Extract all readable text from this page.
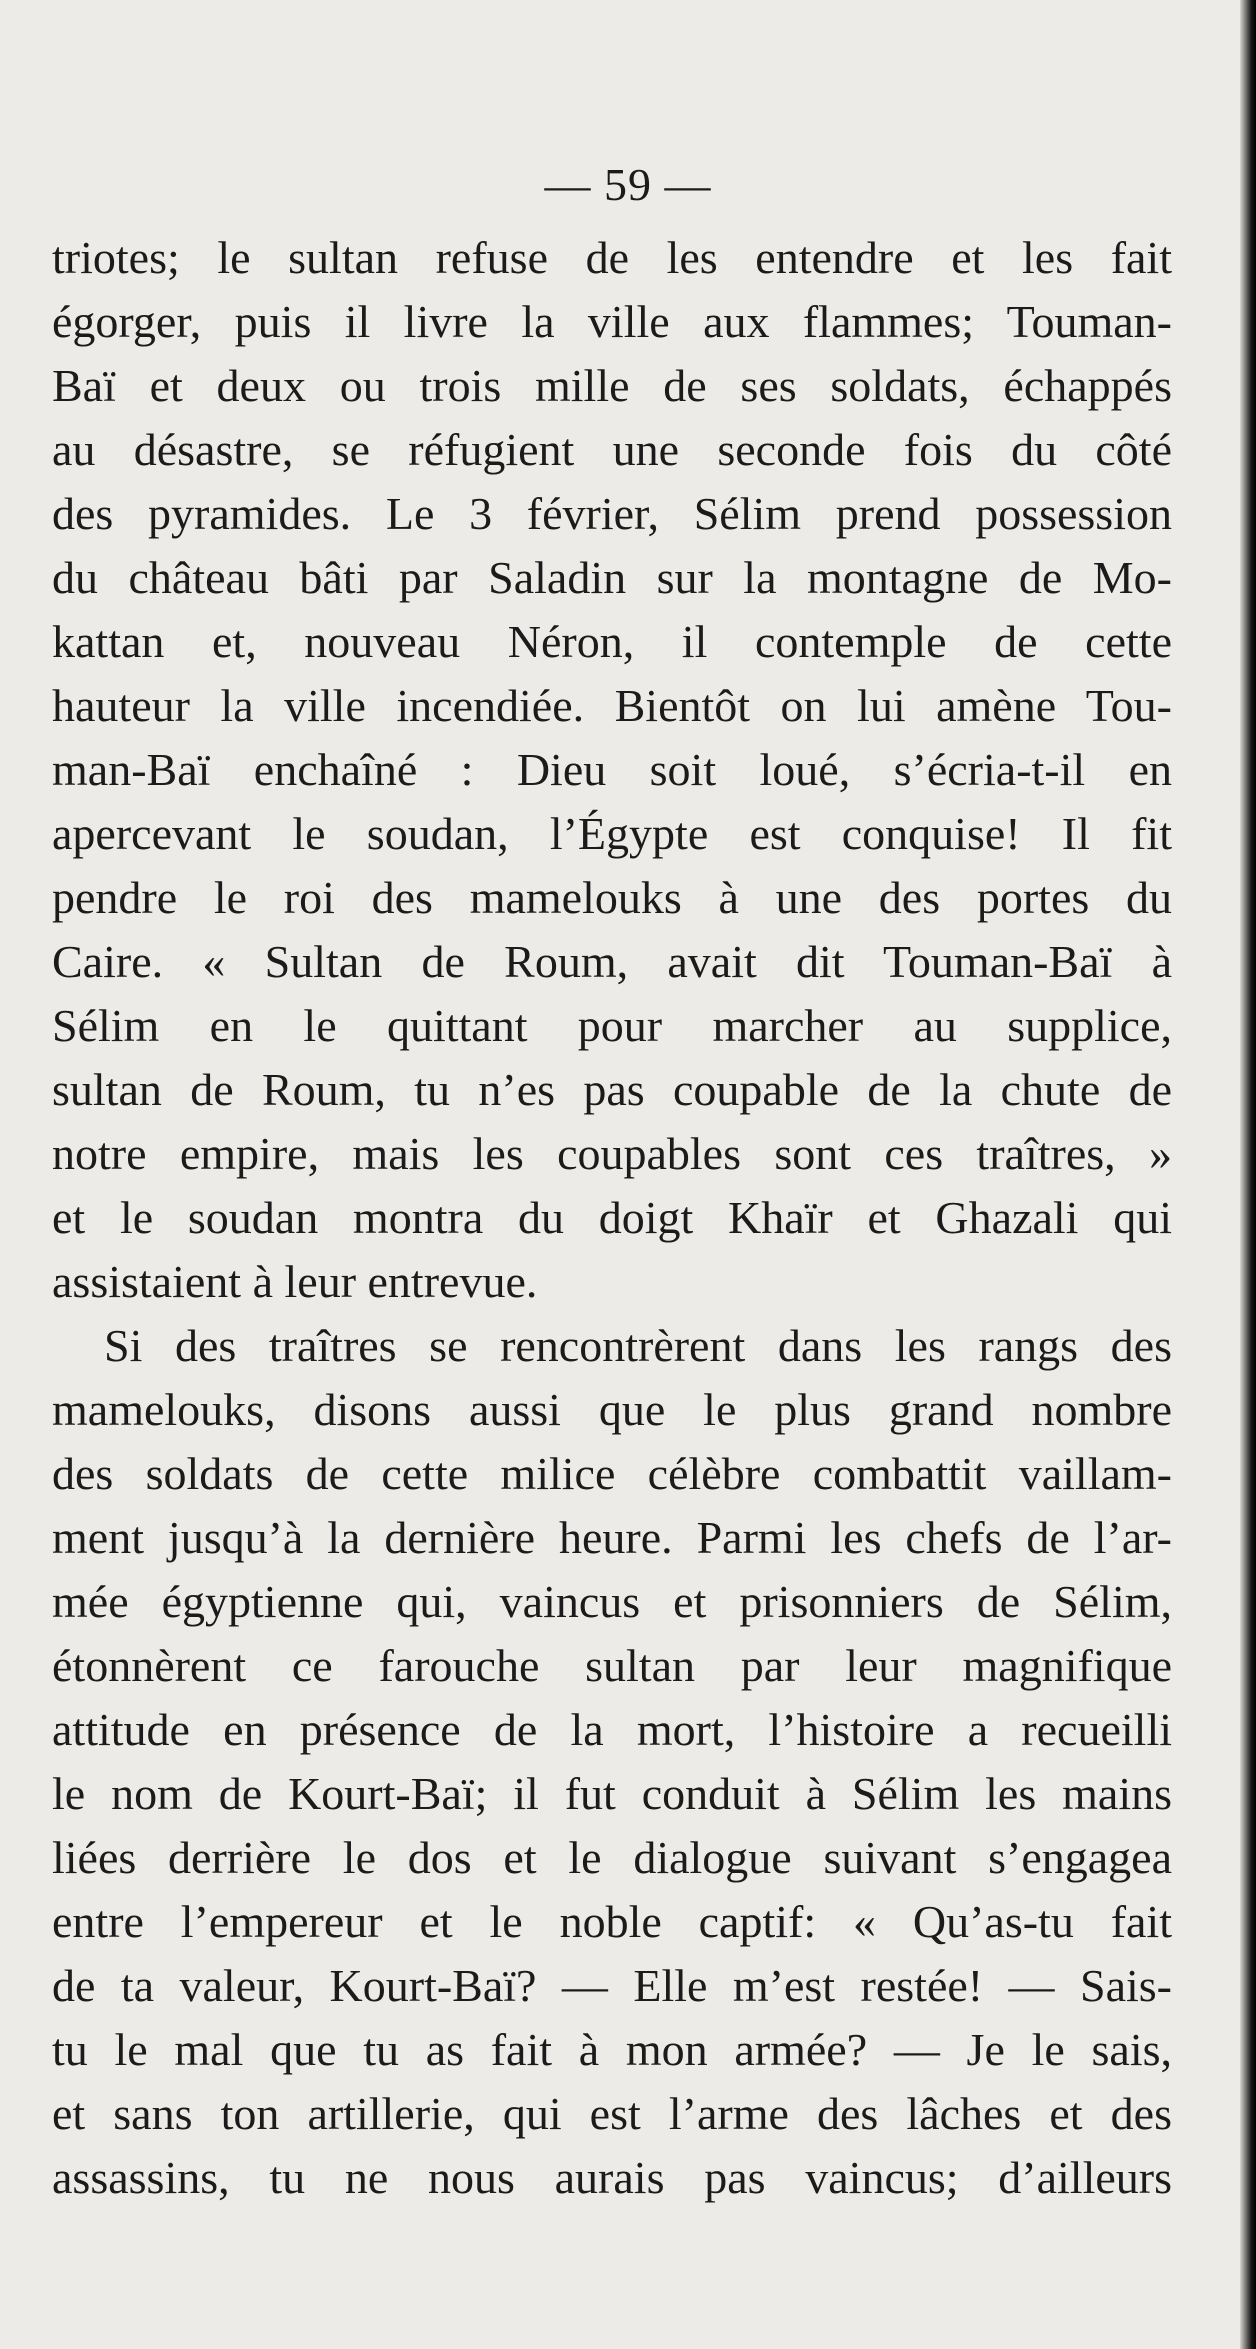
— 59 —
triotes; le sultan refuse de les entendre et les fait
égorger, puis il livre la ville aux flammes; Touman-
Baï et deux ou trois mille de ses soldats, échappés
au désastre, se réfugient une seconde fois du côté
des pyramides. Le 3 février, Sélim prend possession
du château bâti par Saladin sur la montagne de Mo-
kattan et, nouveau Néron, il contemple de cette
hauteur la ville incendiée. Bientôt on lui amène Tou-
man-Baï enchaîné : Dieu soit loué, s’écria-t-il en
apercevant le soudan, l’Égypte est conquise! Il fit
pendre le roi des mamelouks à une des portes du
Caire. « Sultan de Roum, avait dit Touman-Baï à
Sélim en le quittant pour marcher au supplice,
sultan de Roum, tu n’es pas coupable de la chute de
notre empire, mais les coupables sont ces traîtres, »
et le soudan montra du doigt Khaïr et Ghazali qui
assistaient à leur entrevue.
Si des traîtres se rencontrèrent dans les rangs des
mamelouks, disons aussi que le plus grand nombre
des soldats de cette milice célèbre combattit vaillam-
ment jusqu’à la dernière heure. Parmi les chefs de l’ar-
mée égyptienne qui, vaincus et prisonniers de Sélim,
étonnèrent ce farouche sultan par leur magnifique
attitude en présence de la mort, l’histoire a recueilli
le nom de Kourt-Baï; il fut conduit à Sélim les mains
liées derrière le dos et le dialogue suivant s’engagea
entre l’empereur et le noble captif: « Qu’as-tu fait
de ta valeur, Kourt-Baï? — Elle m’est restée! — Sais-
tu le mal que tu as fait à mon armée? — Je le sais,
et sans ton artillerie, qui est l’arme des lâches et des
assassins, tu ne nous aurais pas vaincus; d’ailleurs
